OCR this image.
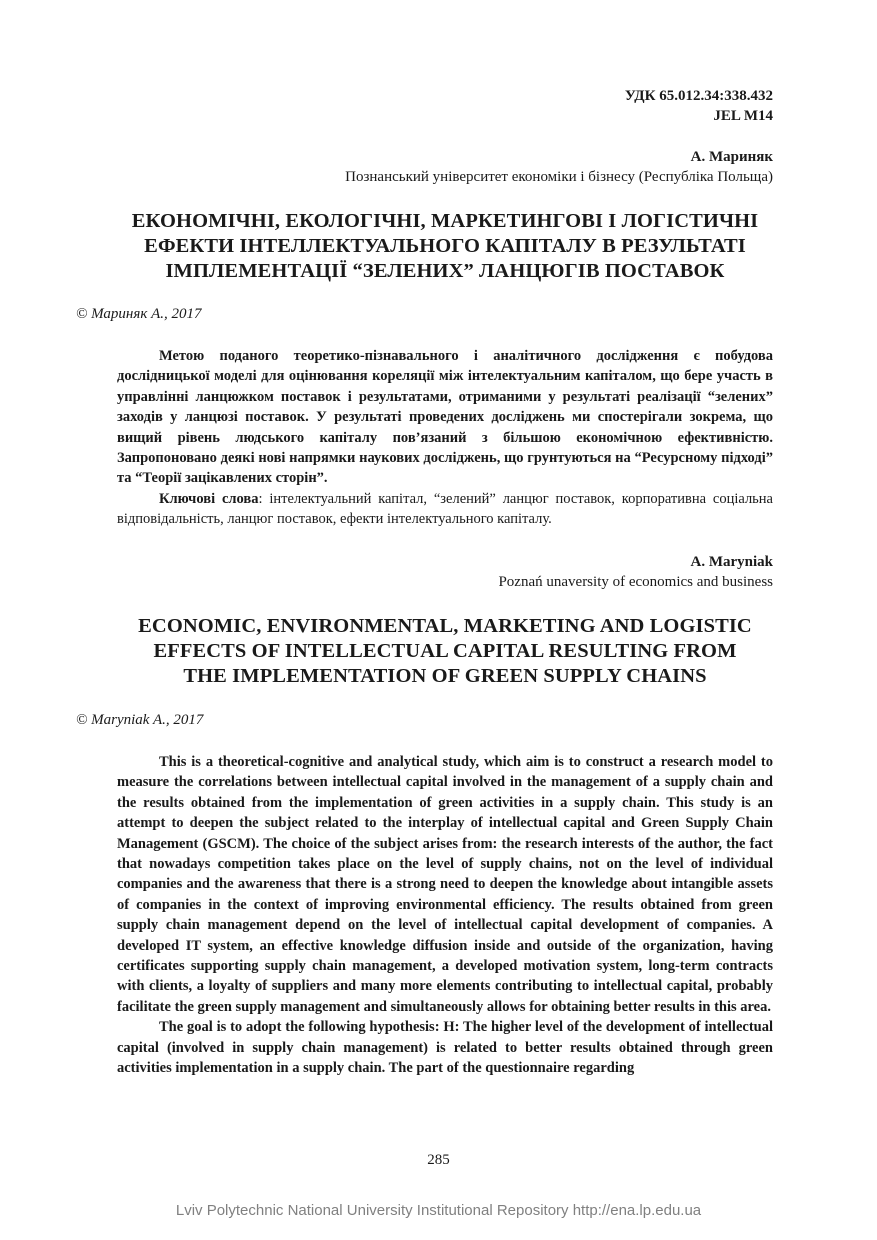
УДК 65.012.34:338.432
JEL M14
А. Мариняк
Познанський університет економіки і бізнесу (Республіка Польща)
ЕКОНОМІЧНІ, ЕКОЛОГІЧНІ, МАРКЕТИНГОВІ І ЛОГІСТИЧНІ
ЕФЕКТИ ІНТЕЛЛЕКТУАЛЬНОГО КАПІТАЛУ В РЕЗУЛЬТАТІ
ІМПЛЕМЕНТАЦІЇ “ЗЕЛЕНИХ” ЛАНЦЮГІВ ПОСТАВОК
© Мариняк А., 2017

Метою поданого теоретико-пізнавального і аналітичного дослідження є побудова дослідницької моделі для оцінювання кореляції між інтелектуальним капіталом, що бере участь в управлінні ланцюжком поставок і результатами, отриманими у результаті реалізації “зелених” заходів у ланцюзі поставок. У результаті проведених досліджень ми спостерігали зокрема, що вищий рівень людського капіталу пов’язаний з більшою економічною ефективністю. Запропоновано деякі нові напрямки наукових досліджень, що грунтуються на “Ресурсному підході” та “Теорії зацікавлених сторін”.

Ключові слова: інтелектуальний капітал, “зелений” ланцюг поставок, корпоративна соціальна відповідальність, ланцюг поставок, ефекти інтелектуального капіталу.

A. Maryniak
Poznań unaversity of economics and business
ECONOMIC, ENVIRONMENTAL, MARKETING AND LOGISTIC
EFFECTS OF INTELLECTUAL CAPITAL RESULTING FROM
THE IMPLEMENTATION OF GREEN SUPPLY CHAINS
© Maryniak A., 2017

This is a theoretical-cognitive and analytical study, which aim is to construct a research model to measure the correlations between intellectual capital involved in the management of a supply chain and the results obtained from the implementation of green activities in a supply chain. This study is an attempt to deepen the subject related to the interplay of intellectual capital and Green Supply Chain Management (GSCM). The choice of the subject arises from: the research interests of the author, the fact that nowadays competition takes place on the level of supply chains, not on the level of individual companies and the awareness that there is a strong need to deepen the knowledge about intangible assets of companies in the context of improving environmental efficiency. The results obtained from green supply chain management depend on the level of intellectual capital development of companies. A developed IT system, an effective knowledge diffusion inside and outside of the organization, having certificates supporting supply chain management, a developed motivation system, long-term contracts with clients, a loyalty of suppliers and many more elements contributing to intellectual capital, probably facilitate the green supply management and simultaneously allows for obtaining better results in this area.

The goal is to adopt the following hypothesis: H: The higher level of the development of intellectual capital (involved in supply chain management) is related to better results obtained through green activities implementation in a supply chain. The part of the questionnaire regarding

285
Lviv Polytechnic National University Institutional Repository http://ena.lp.edu.ua
